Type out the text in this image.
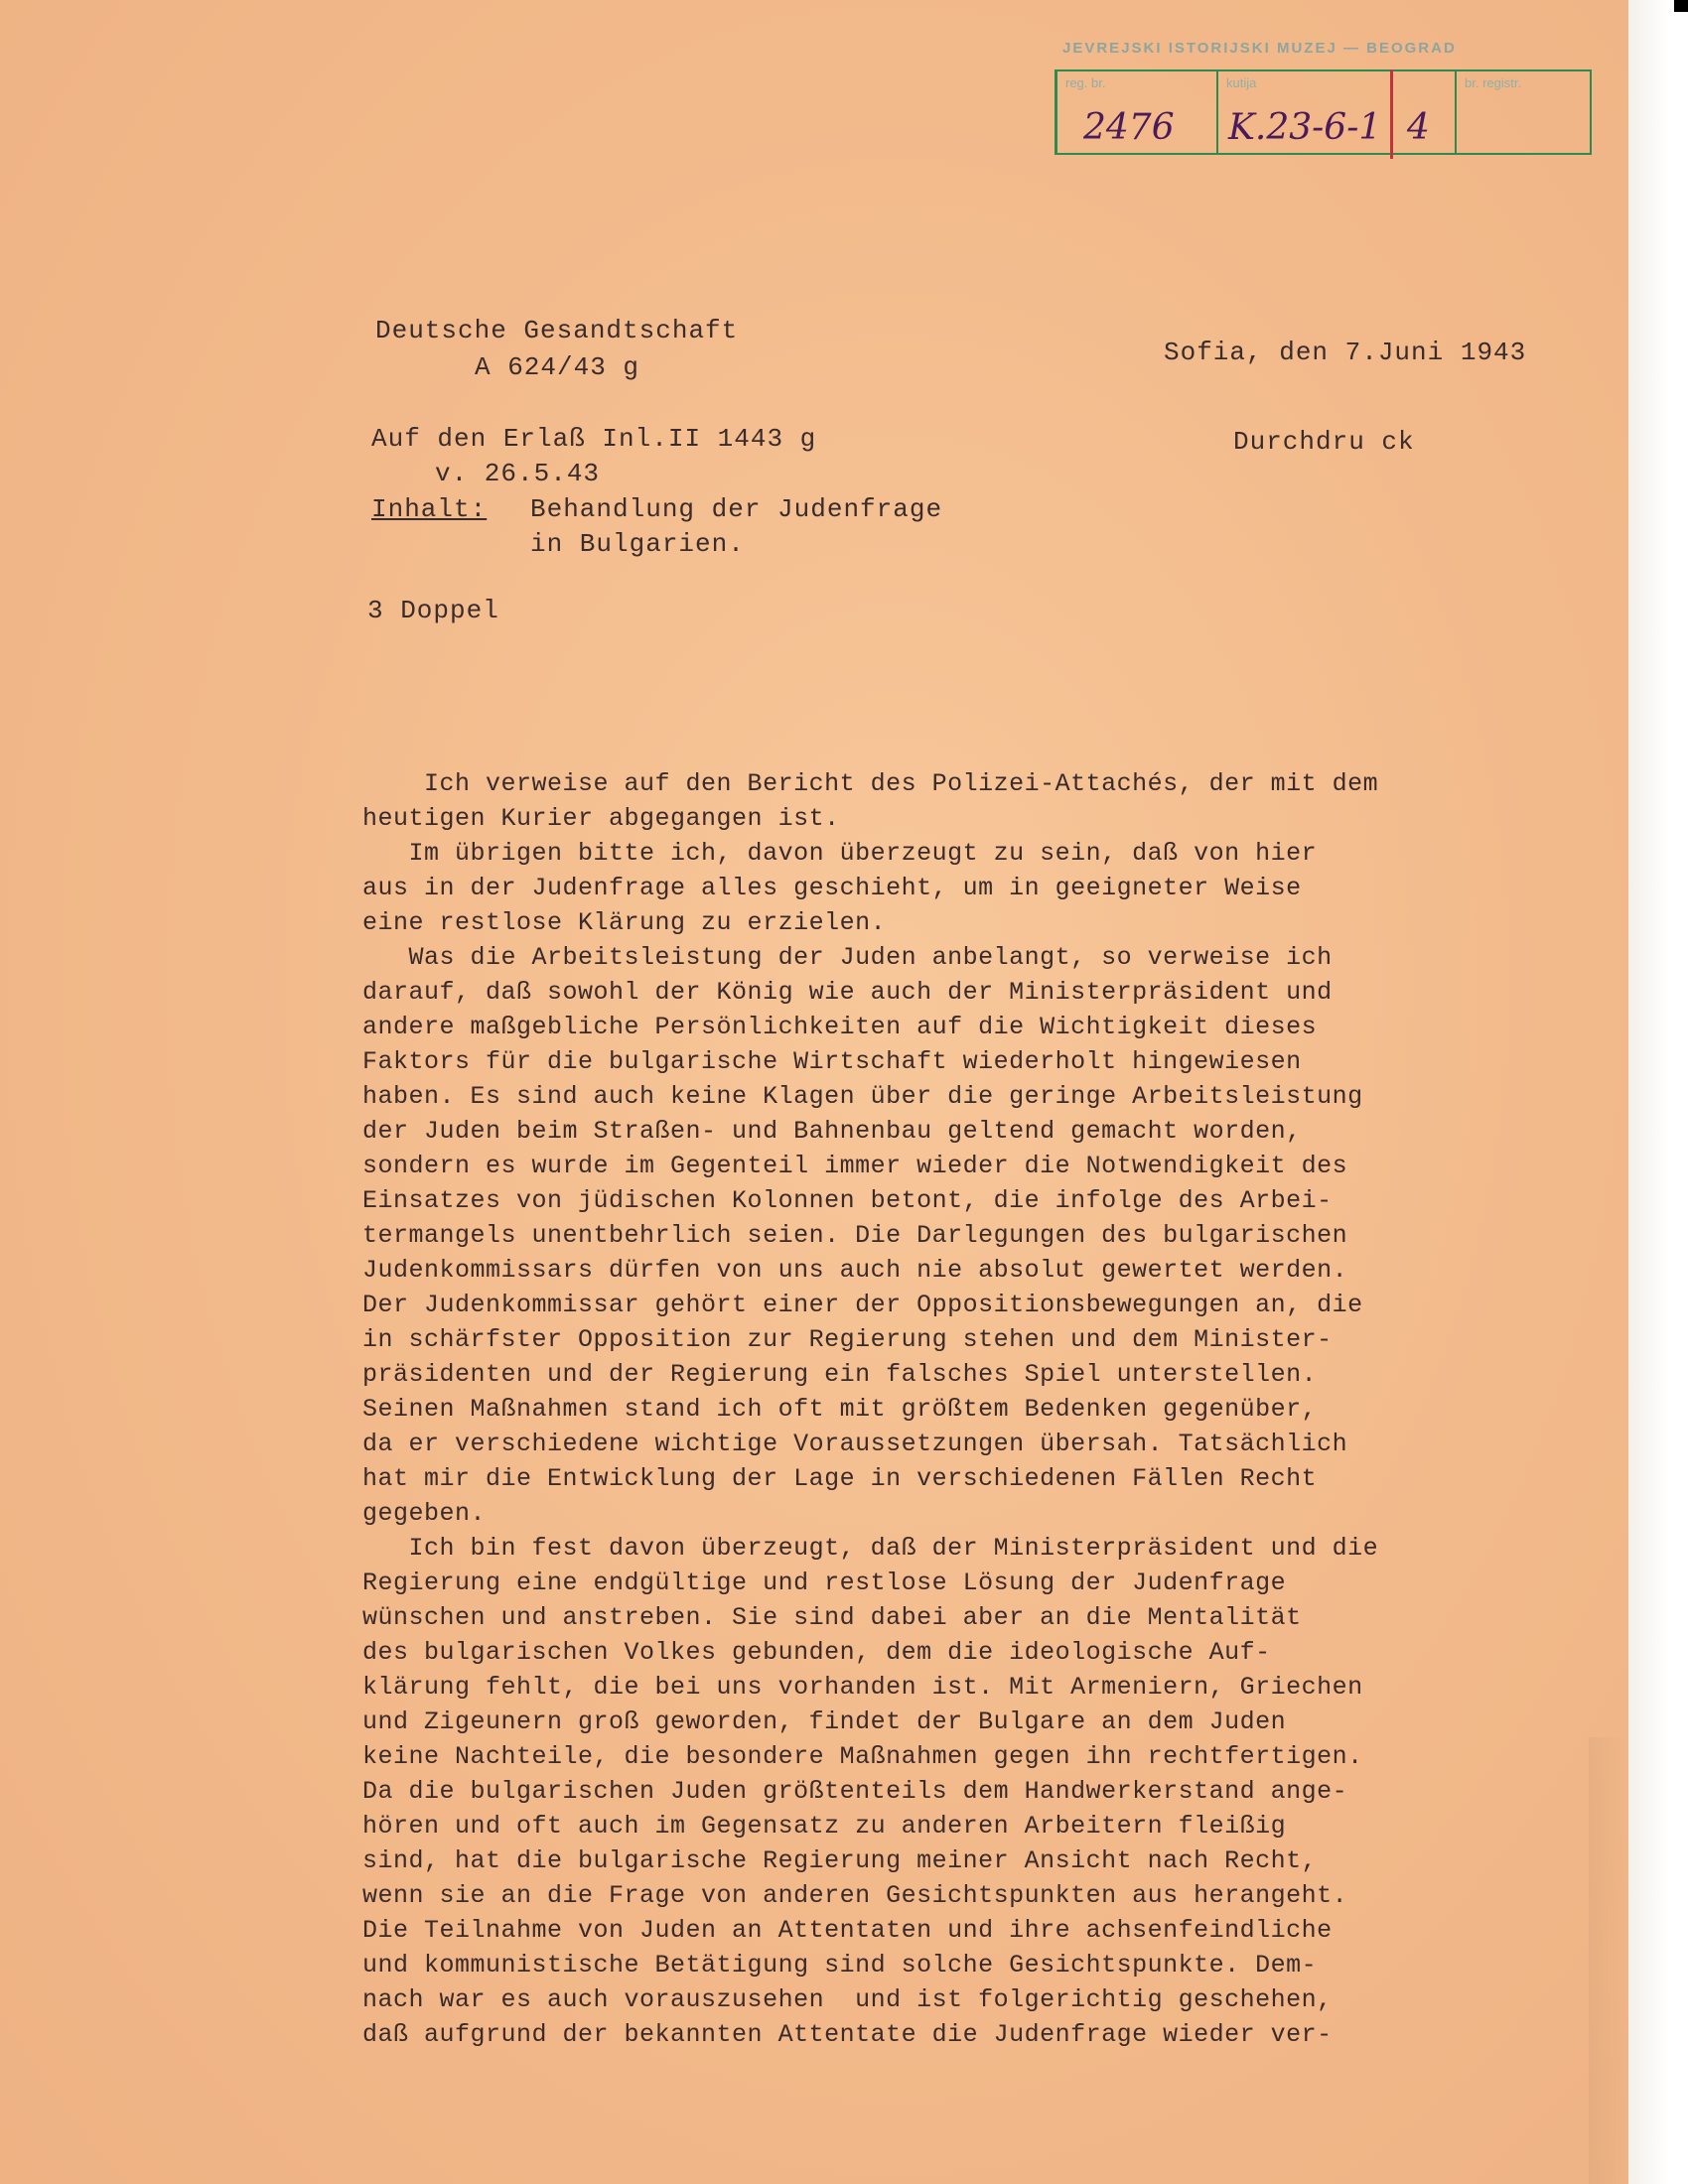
JEVREJSKI ISTORIJSKI MUZEJ — BEOGRAD
reg. br.
2476
kutija
K.23-6-1 4
br. registr.
Deutsche Gesandtschaft
A 624/43 g	Sofia, den 7.Juni 1943
Auf den Erlaß Inl.II 1443 g
v. 26.5.43
Durchdru ck
Inhalt: Behandlung der Judenfrage
in Bulgarien.
3 Doppel
Ich verweise auf den Bericht des Polizei-Attachés, der mit dem
heutigen Kurier abgegangen ist.
Im übrigen bitte ich, davon überzeugt zu sein, daß von hier
aus in der Judenfrage alles geschieht, um in geeigneter Weise
eine restlose Klärung zu erzielen.
Was die Arbeitsleistung der Juden anbelangt, so verweise ich
darauf, daß sowohl der König wie auch der Ministerpräsident und
andere maßgebliche Persönlichkeiten auf die Wichtigkeit dieses
Faktors für die bulgarische Wirtschaft wiederholt hingewiesen
haben. Es sind auch keine Klagen über die geringe Arbeitsleistung
der Juden beim Straßen- und Bahnenbau geltend gemacht worden,
sondern es wurde im Gegenteil immer wieder die Notwendigkeit des
Einsatzes von jüdischen Kolonnen betont, die infolge des Arbei-
termangels unentbehrlich seien. Die Darlegungen des bulgarischen
Judenkommissars dürfen von uns auch nie absolut gewertet werden.
Der Judenkommissar gehört einer der Oppositionsbewegungen an, die
in schärfster Opposition zur Regierung stehen und dem Minister-
präsidenten und der Regierung ein falsches Spiel unterstellen.
Seinen Maßnahmen stand ich oft mit größtem Bedenken gegenüber,
da er verschiedene wichtige Voraussetzungen übersah. Tatsächlich
hat mir die Entwicklung der Lage in verschiedenen Fällen Recht
gegeben.
Ich bin fest davon überzeugt, daß der Ministerpräsident und die
Regierung eine endgültige und restlose Lösung der Judenfrage
wünschen und anstreben. Sie sind dabei aber an die Mentalität
des bulgarischen Volkes gebunden, dem die ideologische Auf-
klärung fehlt, die bei uns vorhanden ist. Mit Armeniern, Griechen
und Zigeunern groß geworden, findet der Bulgare an dem Juden
keine Nachteile, die besondere Maßnahmen gegen ihn rechtfertigen.
Da die bulgarischen Juden größtenteils dem Handwerkerstand ange-
hören und oft auch im Gegensatz zu anderen Arbeitern fleißig
sind, hat die bulgarische Regierung meiner Ansicht nach Recht,
wenn sie an die Frage von anderen Gesichtspunkten aus herangeht.
Die Teilnahme von Juden an Attentaten und ihre achsenfeindliche
und kommunistische Betätigung sind solche Gesichtspunkte. Dem-
nach war es auch vorauszusehen  und ist folgerichtig geschehen,
daß aufgrund der bekannten Attentate die Judenfrage wieder ver-
